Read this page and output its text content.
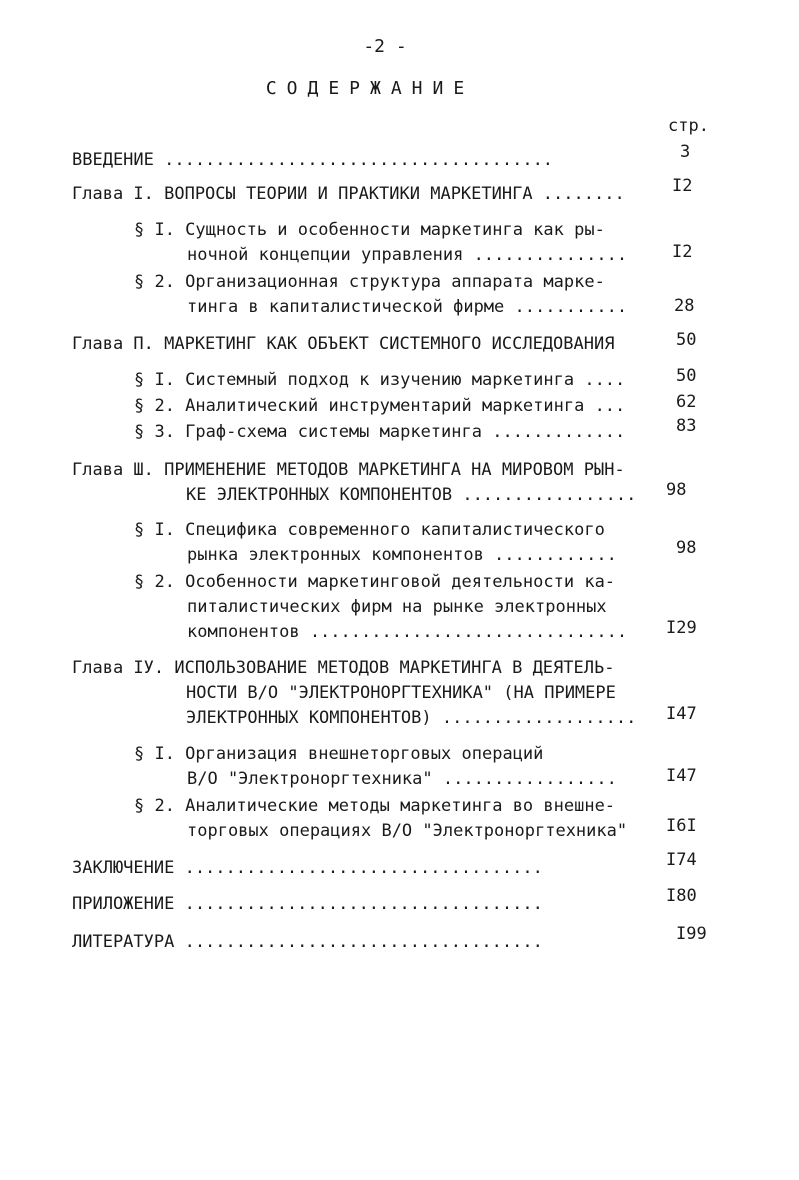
-2 -
СОДЕРЖАНИЕ
стр.
ВВЕДЕНИЕ ......................................	3
Глава I. ВОПРОСЫ ТЕОРИИ И ПРАКТИКИ МАРКЕТИНГА ........	I2
§ I. Сущность и особенности маркетинга как ры-
ночной концепции управления ...............	I2
§ 2. Организационная структура аппарата марке-
тинга в капиталистической фирме ...........	28
Глава П. МАРКЕТИНГ КАК ОБЪЕКТ СИСТЕМНОГО ИССЛЕДОВАНИЯ	50
§ I. Системный подход к изучению маркетинга ....	50
§ 2. Аналитический инструментарий маркетинга ...	62
§ 3. Граф-схема системы маркетинга .............	83
Глава Ш. ПРИМЕНЕНИЕ МЕТОДОВ МАРКЕТИНГА НА МИРОВОМ РЫН-
КЕ ЭЛЕКТРОННЫХ КОМПОНЕНТОВ ................. 98
§ I. Специфика современного капиталистического
рынка электронных компонентов ............	98
§ 2. Особенности маркетинговой деятельности ка-
питалистических фирм на рынке электронных
компонентов ............................... I29
Глава IУ. ИСПОЛЬЗОВАНИЕ МЕТОДОВ МАРКЕТИНГА В ДЕЯТЕЛЬ-
НОСТИ В/О "ЭЛЕКТРОНОРГТЕХНИКА" (НА ПРИМЕРЕ
ЭЛЕКТРОННЫХ КОМПОНЕНТОВ) ................... I47
§ I. Организация внешнеторговых операций
В/О "Электроноргтехника" .................	I47
§ 2. Аналитические методы маркетинга во внешне-
торговых операциях В/О "Электроноргтехника" I6I
ЗАКЛЮЧЕНИЕ ...................................	I74
ПРИЛОЖЕНИЕ ...................................	I80
ЛИТЕРАТУРА ...................................	I99
